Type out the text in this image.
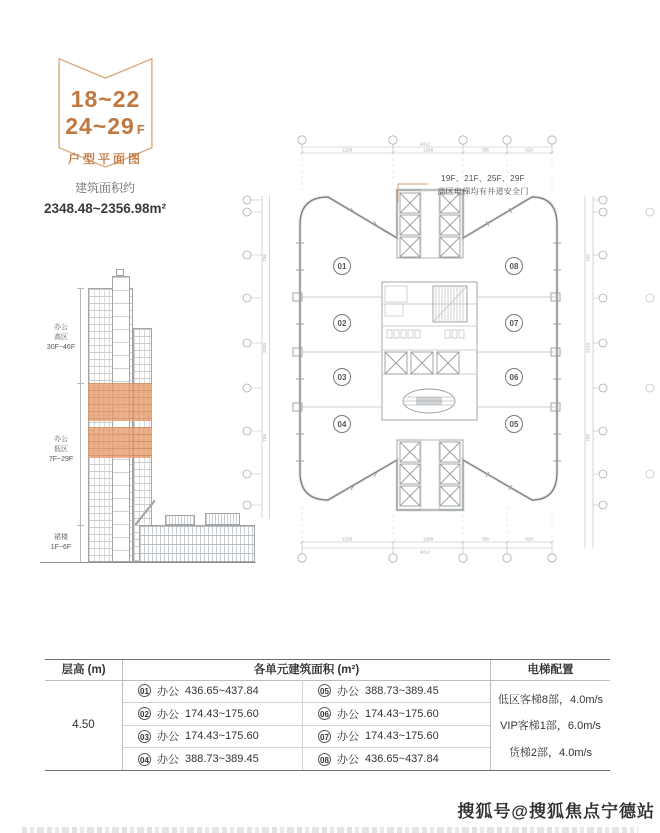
18~22
24~29 F
户型平面图
建筑面积约
2348.48~2356.98m²
办公
高区
30F~46F
办公
低区
7F~29F
裙楼
1F~6F
4012
1228	1208	758	818
1228	1208	758	818
4012
758
2150
758
758
2150
758
01
02
03
04
08
07
06
05
19F、21F、25F、29F
高区电梯均有井道安全门
层高 (m)
4.50
各单元建筑面积 (m²)
01 办公 436.65~437.84	05 办公 388.73~389.45
02 办公 174.43~175.60	06 办公 174.43~175.60
03 办公 174.43~175.60	07 办公 174.43~175.60
04 办公 388.73~389.45	08 办公 436.65~437.84
电梯配置
低区客梯8部，4.0m/s
VIP客梯1部，6.0m/s
货梯2部，4.0m/s
搜狐号@搜狐焦点宁德站
